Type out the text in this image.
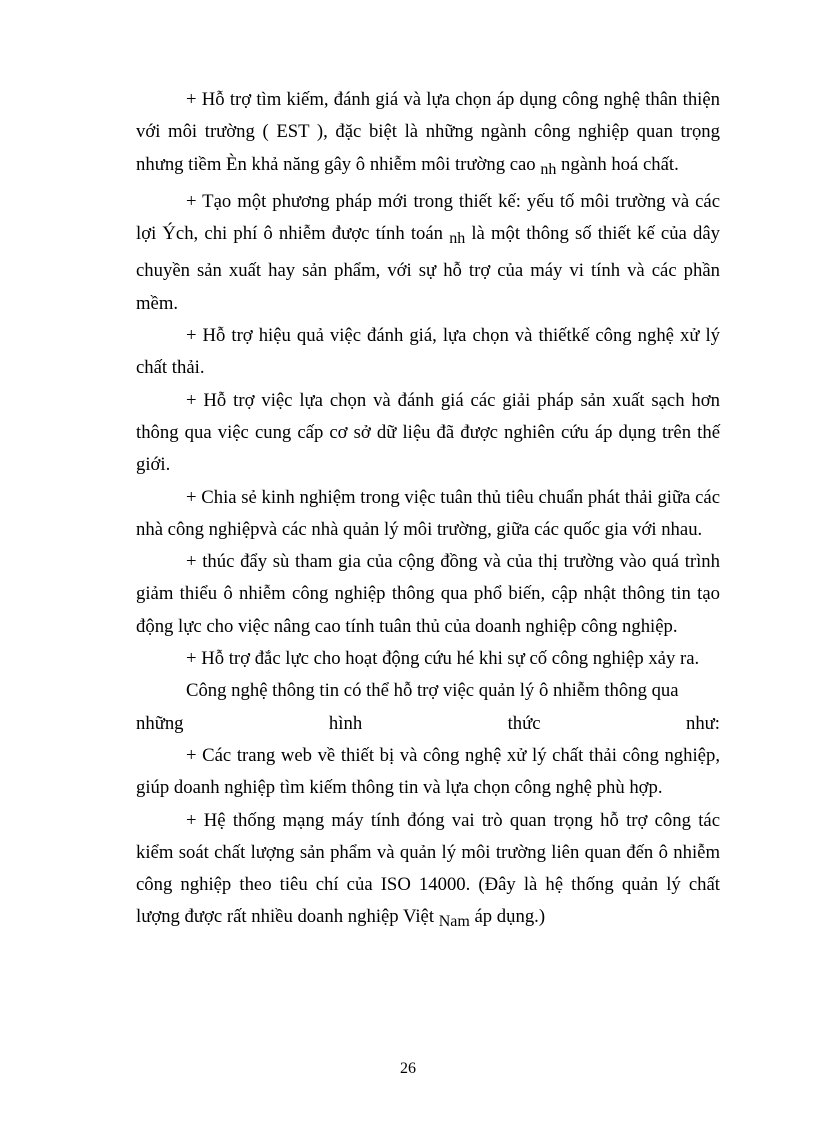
+ Hỗ trợ tìm kiếm, đánh giá và lựa chọn áp dụng công nghệ thân thiện với môi trường ( EST ), đặc biệt là những ngành công nghiệp quan trọng nhưng tiềm Èn khả năng gây ô nhiễm môi trường cao nh ngành hoá chất.

+ Tạo một phương pháp mới trong thiết kế: yếu tố môi trường và các lợi Ých, chi phí ô nhiễm được tính toán nh là một thông số thiết kế của dây chuyền sản xuất hay sản phẩm, với sự hỗ trợ của máy vi tính và các phần mềm.

+ Hỗ trợ hiệu quả việc đánh giá, lựa chọn và thiếtkế công nghệ xử lý chất thải.

+ Hỗ trợ việc lựa chọn và đánh giá các giải pháp sản xuất sạch hơn thông qua việc cung cấp cơ sở dữ liệu đã được nghiên cứu áp dụng trên thế giới.

+ Chia sẻ kinh nghiệm trong việc tuân thủ tiêu chuẩn phát thải giữa các nhà công nghiệpvà các nhà quản lý môi trường, giữa các quốc gia với nhau.

+ thúc đẩy sù tham gia của cộng đồng và của thị trường vào quá trình giảm thiểu ô nhiễm công nghiệp thông qua phổ biến, cập nhật thông tin tạo động lực cho việc nâng cao tính tuân thủ của doanh nghiệp công nghiệp.

+ Hỗ trợ đắc lực cho hoạt động cứu hé khi sự cố công nghiệp xảy ra.

Công nghệ thông tin có thể hỗ trợ việc quản lý ô nhiễm thông qua

những hình thức như:

+ Các trang web về thiết bị và công nghệ xử lý chất thải công nghiệp, giúp doanh nghiệp tìm kiếm thông tin và lựa chọn công nghệ phù hợp.

+ Hệ thống mạng máy tính đóng vai trò quan trọng hỗ trợ công tác kiểm soát chất lượng sản phẩm và quản lý môi trường liên quan đến ô nhiễm công nghiệp theo tiêu chí của ISO 14000. (Đây là hệ thống quản lý chất lượng được rất nhiều doanh nghiệp Việt Nam áp dụng.)

26
